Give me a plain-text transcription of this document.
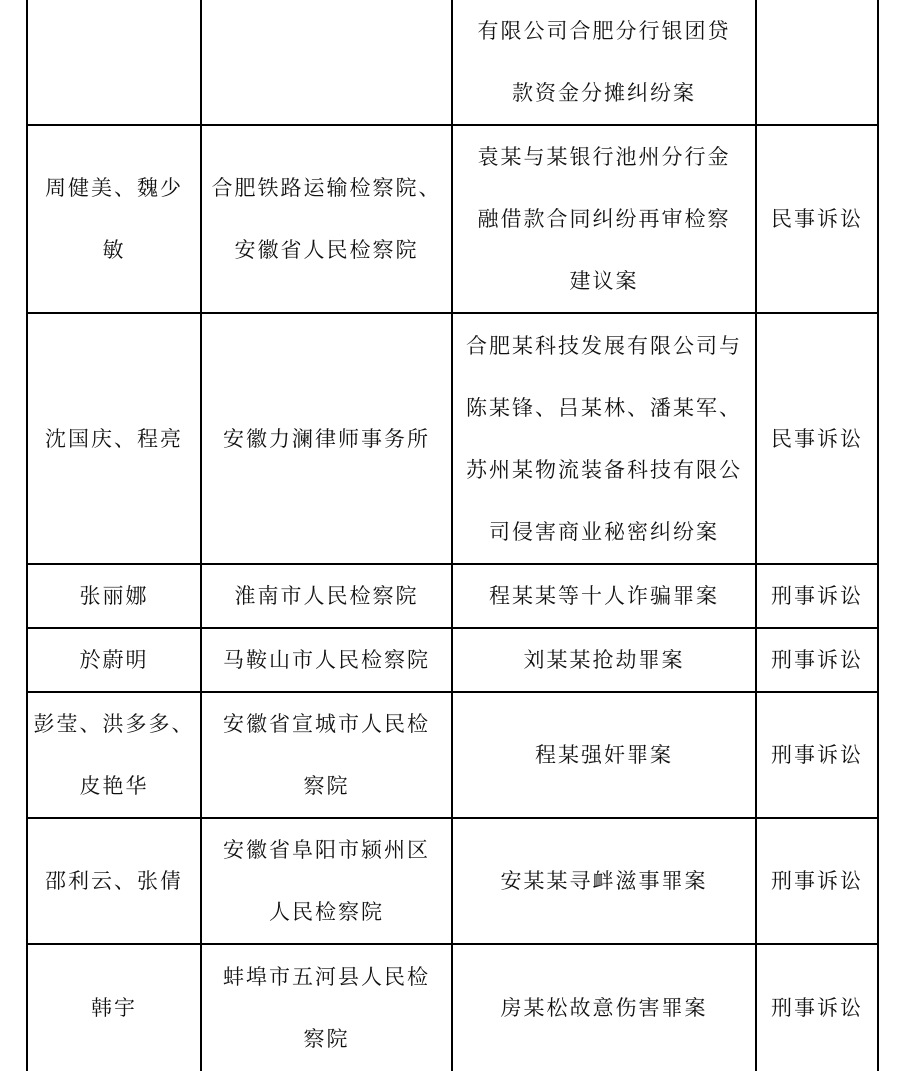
		有限公司合肥分行银团贷款资金分摊纠纷案	
周健美、魏少敏	合肥铁路运输检察院、安徽省人民检察院	袁某与某银行池州分行金融借款合同纠纷再审检察建议案	民事诉讼
沈国庆、程亮	安徽力澜律师事务所	合肥某科技发展有限公司与陈某锋、吕某林、潘某军、苏州某物流装备科技有限公司侵害商业秘密纠纷案	民事诉讼
张丽娜	淮南市人民检察院	程某某等十人诈骗罪案	刑事诉讼
於蔚明	马鞍山市人民检察院	刘某某抢劫罪案	刑事诉讼
彭莹、洪多多、皮艳华	安徽省宣城市人民检察院	程某强奸罪案	刑事诉讼
邵利云、张倩	安徽省阜阳市颍州区人民检察院	安某某寻衅滋事罪案	刑事诉讼
韩宇	蚌埠市五河县人民检察院	房某松故意伤害罪案	刑事诉讼
